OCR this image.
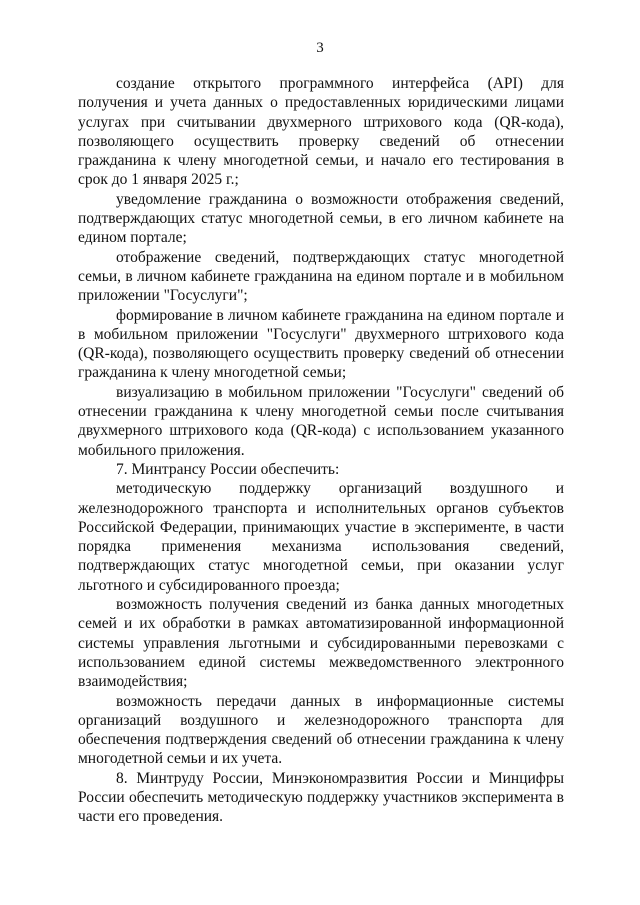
3

создание открытого программного интерфейса (API) для получения и учета данных о предоставленных юридическими лицами услугах при считывании двухмерного штрихового кода (QR-кода), позволяющего осуществить проверку сведений об отнесении гражданина к члену многодетной семьи, и начало его тестирования в срок до 1 января 2025 г.;

уведомление гражданина о возможности отображения сведений, подтверждающих статус многодетной семьи, в его личном кабинете на едином портале;

отображение сведений, подтверждающих статус многодетной семьи, в личном кабинете гражданина на едином портале и в мобильном приложении "Госуслуги";

формирование в личном кабинете гражданина на едином портале и в мобильном приложении "Госуслуги" двухмерного штрихового кода (QR-кода), позволяющего осуществить проверку сведений об отнесении гражданина к члену многодетной семьи;

визуализацию в мобильном приложении "Госуслуги" сведений об отнесении гражданина к члену многодетной семьи после считывания двухмерного штрихового кода (QR-кода) с использованием указанного мобильного приложения.

7. Минтрансу России обеспечить:

методическую поддержку организаций воздушного и железнодорожного транспорта и исполнительных органов субъектов Российской Федерации, принимающих участие в эксперименте, в части порядка применения механизма использования сведений, подтверждающих статус многодетной семьи, при оказании услуг льготного и субсидированного проезда;

возможность получения сведений из банка данных многодетных семей и их обработки в рамках автоматизированной информационной системы управления льготными и субсидированными перевозками с использованием единой системы межведомственного электронного взаимодействия;

возможность передачи данных в информационные системы организаций воздушного и железнодорожного транспорта для обеспечения подтверждения сведений об отнесении гражданина к члену многодетной семьи и их учета.

8. Минтруду России, Минэкономразвития России и Минцифры России обеспечить методическую поддержку участников эксперимента в части его проведения.
